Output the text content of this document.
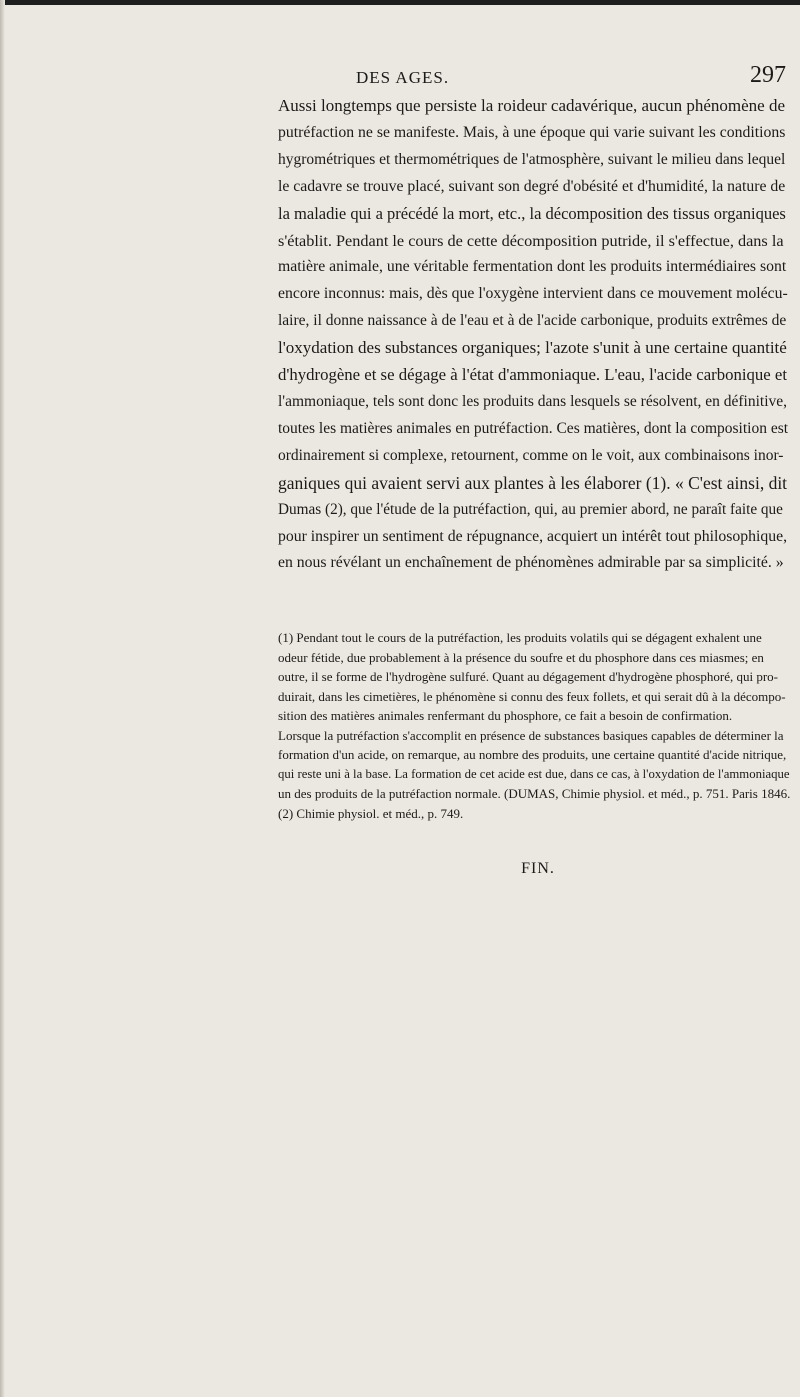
DES AGES.	297
Aussi longtemps que persiste la roideur cadavérique, aucun phénomène de
putréfaction ne se manifeste. Mais, à une époque qui varie suivant les conditions
hygrométriques et thermométriques de l'atmosphère, suivant le milieu dans lequel
le cadavre se trouve placé, suivant son degré d'obésité et d'humidité, la nature de
la maladie qui a précédé la mort, etc., la décomposition des tissus organiques
s'établit. Pendant le cours de cette décomposition putride, il s'effectue, dans la
matière animale, une véritable fermentation dont les produits intermédiaires sont
encore inconnus: mais, dès que l'oxygène intervient dans ce mouvement molécu-
laire, il donne naissance à de l'eau et à de l'acide carbonique, produits extrêmes de
l'oxydation des substances organiques; l'azote s'unit à une certaine quantité
d'hydrogène et se dégage à l'état d'ammoniaque. L'eau, l'acide carbonique et
l'ammoniaque, tels sont donc les produits dans lesquels se résolvent, en définitive,
toutes les matières animales en putréfaction. Ces matières, dont la composition est
ordinairement si complexe, retournent, comme on le voit, aux combinaisons inor-
ganiques qui avaient servi aux plantes à les élaborer (1). « C'est ainsi, dit
Dumas (2), que l'étude de la putréfaction, qui, au premier abord, ne paraît faite que
pour inspirer un sentiment de répugnance, acquiert un intérêt tout philosophique,
en nous révélant un enchaînement de phénomènes admirable par sa simplicité. »
(1) Pendant tout le cours de la putréfaction, les produits volatils qui se dégagent exhalent une
odeur fétide, due probablement à la présence du soufre et du phosphore dans ces miasmes; en
outre, il se forme de l'hydrogène sulfuré. Quant au dégagement d'hydrogène phosphoré, qui pro-
duirait, dans les cimetières, le phénomène si connu des feux follets, et qui serait dû à la décompo-
sition des matières animales renfermant du phosphore, ce fait a besoin de confirmation.
Lorsque la putréfaction s'accomplit en présence de substances basiques capables de déterminer la
formation d'un acide, on remarque, au nombre des produits, une certaine quantité d'acide nitrique,
qui reste uni à la base. La formation de cet acide est due, dans ce cas, à l'oxydation de l'ammoniaque
un des produits de la putréfaction normale. (DUMAS, Chimie physiol. et méd., p. 751. Paris 1846.
(2) Chimie physiol. et méd., p. 749.
FIN.
